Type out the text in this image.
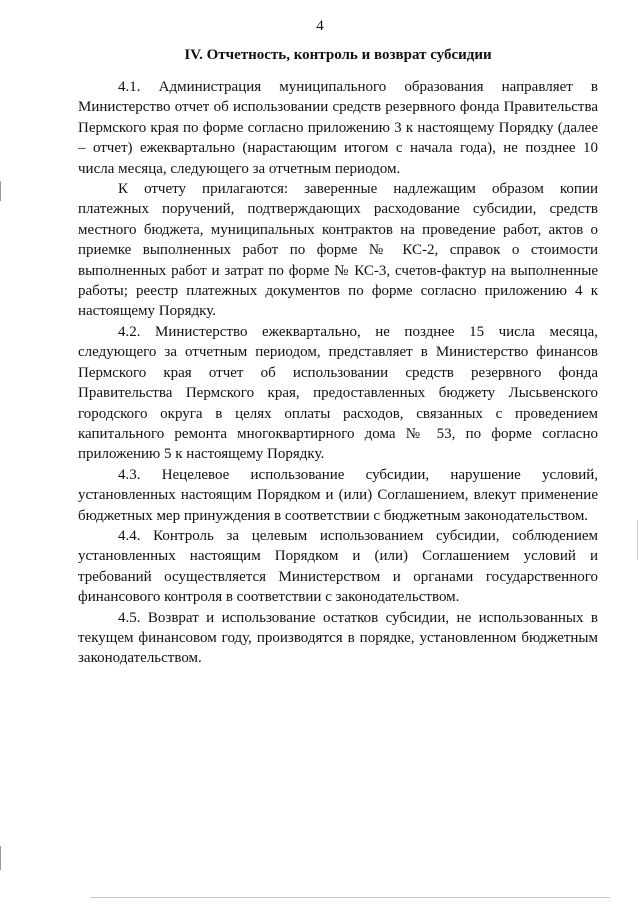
4
IV. Отчетность, контроль и возврат субсидии

4.1. Администрация муниципального образования направляет в Министерство отчет об использовании средств резервного фонда Правительства Пермского края по форме согласно приложению 3 к настоящему Порядку (далее – отчет) ежеквартально (нарастающим итогом с начала года), не позднее 10 числа месяца, следующего за отчетным периодом.

К отчету прилагаются: заверенные надлежащим образом копии платежных поручений, подтверждающих расходование субсидии, средств местного бюджета, муниципальных контрактов на проведение работ, актов о приемке выполненных работ по форме № КС-2, справок о стоимости выполненных работ и затрат по форме № КС-3, счетов-фактур на выполненные работы; реестр платежных документов по форме согласно приложению 4 к настоящему Порядку.

4.2. Министерство ежеквартально, не позднее 15 числа месяца, следующего за отчетным периодом, представляет в Министерство финансов Пермского края отчет об использовании средств резервного фонда Правительства Пермского края, предоставленных бюджету Лысьвенского городского округа в целях оплаты расходов, связанных с проведением капитального ремонта многоквартирного дома № 53, по форме согласно приложению 5 к настоящему Порядку.

4.3. Нецелевое использование субсидии, нарушение условий, установленных настоящим Порядком и (или) Соглашением, влекут применение бюджетных мер принуждения в соответствии с бюджетным законодательством.

4.4. Контроль за целевым использованием субсидии, соблюдением установленных настоящим Порядком и (или) Соглашением условий и требований осуществляется Министерством и органами государственного финансового контроля в соответствии с законодательством.

4.5. Возврат и использование остатков субсидии, не использованных в текущем финансовом году, производятся в порядке, установленном бюджетным законодательством.
